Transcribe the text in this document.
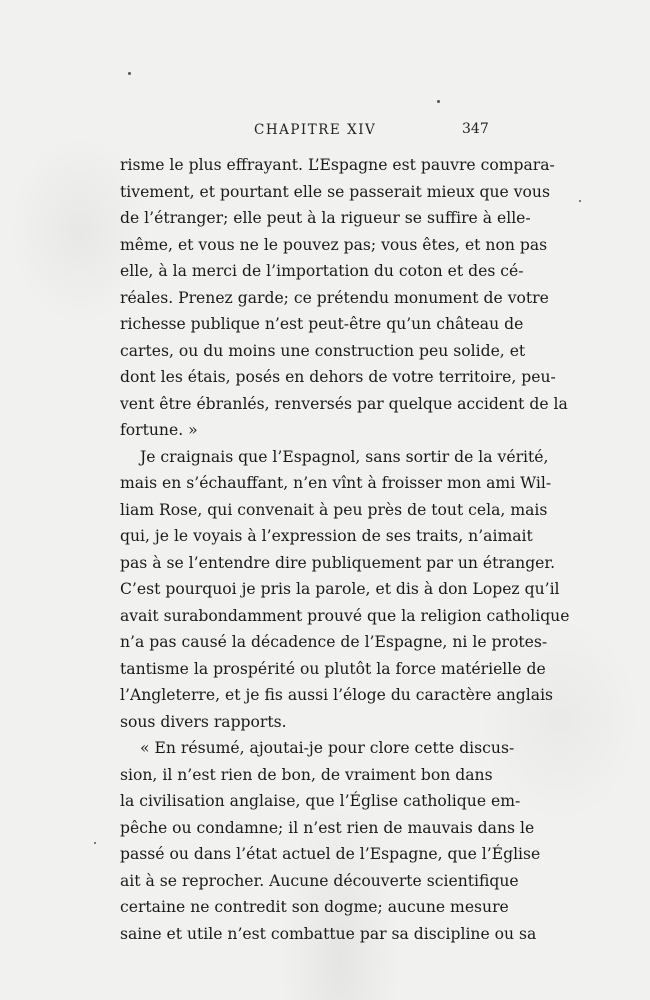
CHAPITRE XIV	347
risme le plus effrayant. L’Espagne est pauvre compara-
tivement, et pourtant elle se passerait mieux que vous
de l’étranger; elle peut à la rigueur se suffire à elle-
même, et vous ne le pouvez pas; vous êtes, et non pas
elle, à la merci de l’importation du coton et des cé-
réales. Prenez garde; ce prétendu monument de votre
richesse publique n’est peut-être qu’un château de
cartes, ou du moins une construction peu solide, et
dont les étais, posés en dehors de votre territoire, peu-
vent être ébranlés, renversés par quelque accident de la
fortune. »
Je craignais que l’Espagnol, sans sortir de la vérité,
mais en s’échauffant, n’en vînt à froisser mon ami Wil-
liam Rose, qui convenait à peu près de tout cela, mais
qui, je le voyais à l’expression de ses traits, n’aimait
pas à se l’entendre dire publiquement par un étranger.
C’est pourquoi je pris la parole, et dis à don Lopez qu’il
avait surabondamment prouvé que la religion catholique
n’a pas causé la décadence de l’Espagne, ni le protes-
tantisme la prospérité ou plutôt la force matérielle de
l’Angleterre, et je fis aussi l’éloge du caractère anglais
sous divers rapports.
« En résumé, ajoutai-je pour clore cette discus-
sion, il n’est rien de bon, de vraiment bon dans
la civilisation anglaise, que l’Église catholique em-
pêche ou condamne; il n’est rien de mauvais dans le
passé ou dans l’état actuel de l’Espagne, que l’Église
ait à se reprocher. Aucune découverte scientifique
certaine ne contredit son dogme; aucune mesure
saine et utile n’est combattue par sa discipline ou sa
